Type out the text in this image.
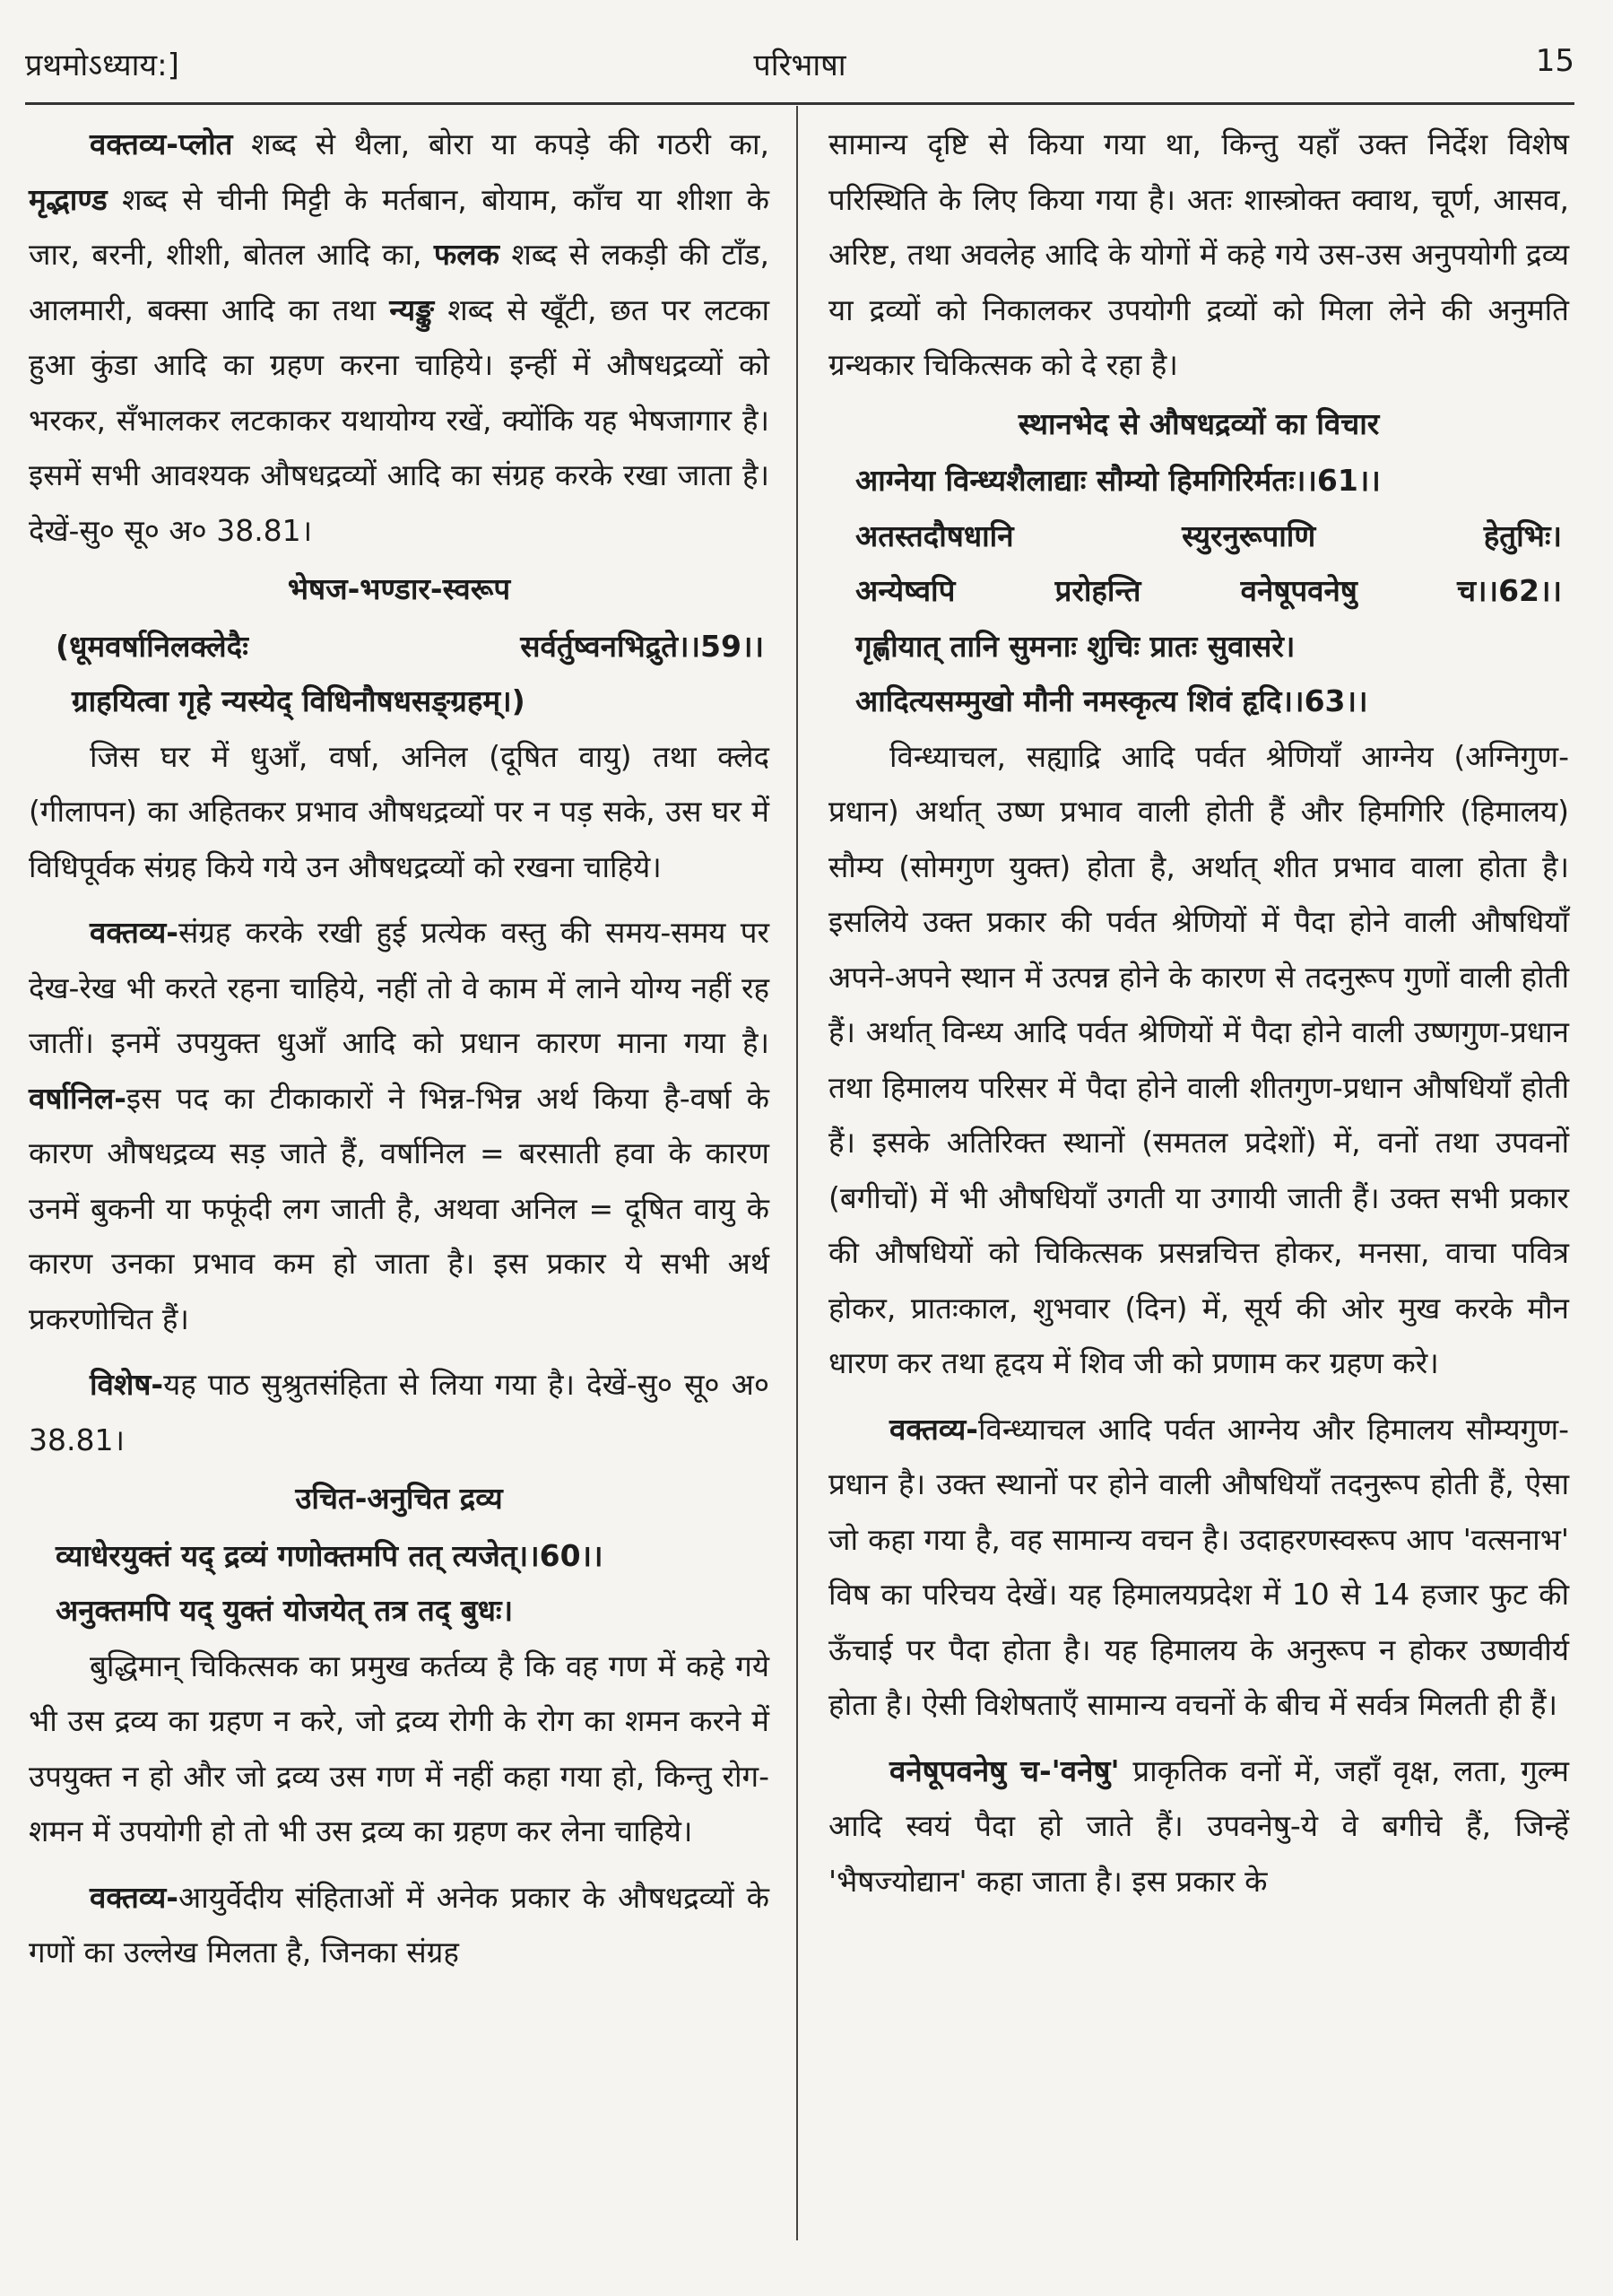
प्रथमोऽध्याय:]	परिभाषा	15

वक्तव्य-प्लोत शब्द से थैला, बोरा या कपड़े की गठरी का, मृद्भाण्ड शब्द से चीनी मिट्टी के मर्तबान, बोयाम, काँच या शीशा के जार, बरनी, शीशी, बोतल आदि का, फलक शब्द से लकड़ी की टाँड, आलमारी, बक्सा आदि का तथा न्यङ्कु शब्द से खूँटी, छत पर लटका हुआ कुंडा आदि का ग्रहण करना चाहिये। इन्हीं में औषधद्रव्यों को भरकर, सँभालकर लटकाकर यथायोग्य रखें, क्योंकि यह भेषजागार है। इसमें सभी आवश्यक औषधद्रव्यों आदि का संग्रह करके रखा जाता है। देखें-सु० सू० अ० 38.81।

भेषज-भण्डार-स्वरूप
(धूमवर्षानिलक्लेदैः	सर्वर्तुष्वनभिद्रुते।।59।।
ग्राहयित्वा गृहे न्यस्येद् विधिनौषधसङ्ग्रहम्।)

जिस घर में धुआँ, वर्षा, अनिल (दूषित वायु) तथा क्लेद (गीलापन) का अहितकर प्रभाव औषधद्रव्यों पर न पड़ सके, उस घर में विधिपूर्वक संग्रह किये गये उन औषधद्रव्यों को रखना चाहिये।

वक्तव्य-संग्रह करके रखी हुई प्रत्येक वस्तु की समय-समय पर देख-रेख भी करते रहना चाहिये, नहीं तो वे काम में लाने योग्य नहीं रह जातीं। इनमें उपयुक्त धुआँ आदि को प्रधान कारण माना गया है। वर्षानिल-इस पद का टीकाकारों ने भिन्न-भिन्न अर्थ किया है-वर्षा के कारण औषधद्रव्य सड़ जाते हैं, वर्षानिल = बरसाती हवा के कारण उनमें बुकनी या फफूंदी लग जाती है, अथवा अनिल = दूषित वायु के कारण उनका प्रभाव कम हो जाता है। इस प्रकार ये सभी अर्थ प्रकरणोचित हैं।

विशेष-यह पाठ सुश्रुतसंहिता से लिया गया है। देखें-सु० सू० अ० 38.81।

उचित-अनुचित द्रव्य
व्याधेरयुक्तं यद् द्रव्यं गणोक्तमपि तत् त्यजेत्।।60।।
अनुक्तमपि यद् युक्तं योजयेत् तत्र तद् बुधः।

बुद्धिमान् चिकित्सक का प्रमुख कर्तव्य है कि वह गण में कहे गये भी उस द्रव्य का ग्रहण न करे, जो द्रव्य रोगी के रोग का शमन करने में उपयुक्त न हो और जो द्रव्य उस गण में नहीं कहा गया हो, किन्तु रोग-शमन में उपयोगी हो तो भी उस द्रव्य का ग्रहण कर लेना चाहिये।

वक्तव्य-आयुर्वेदीय संहिताओं में अनेक प्रकार के औषधद्रव्यों के गणों का उल्लेख मिलता है, जिनका संग्रह

सामान्य दृष्टि से किया गया था, किन्तु यहाँ उक्त निर्देश विशेष परिस्थिति के लिए किया गया है। अतः शास्त्रोक्त क्वाथ, चूर्ण, आसव, अरिष्ट, तथा अवलेह आदि के योगों में कहे गये उस-उस अनुपयोगी द्रव्य या द्रव्यों को निकालकर उपयोगी द्रव्यों को मिला लेने की अनुमति ग्रन्थकार चिकित्सक को दे रहा है।

स्थानभेद से औषधद्रव्यों का विचार
आग्नेया विन्ध्यशैलाद्याः सौम्यो हिमगिरिर्मतः।।61।।
अतस्तदौषधानि	स्युरनुरूपाणि	हेतुभिः।
अन्येष्वपि	प्ररोहन्ति	वनेषूपवनेषु	च।।62।।
गृह्णीयात् तानि सुमनाः शुचिः प्रातः सुवासरे।
आदित्यसम्मुखो मौनी नमस्कृत्य शिवं हृदि।।63।।

विन्ध्याचल, सह्याद्रि आदि पर्वत श्रेणियाँ आग्नेय (अग्निगुण-प्रधान) अर्थात् उष्ण प्रभाव वाली होती हैं और हिमगिरि (हिमालय) सौम्य (सोमगुण युक्त) होता है, अर्थात् शीत प्रभाव वाला होता है। इसलिये उक्त प्रकार की पर्वत श्रेणियों में पैदा होने वाली औषधियाँ अपने-अपने स्थान में उत्पन्न होने के कारण से तदनुरूप गुणों वाली होती हैं। अर्थात् विन्ध्य आदि पर्वत श्रेणियों में पैदा होने वाली उष्णगुण-प्रधान तथा हिमालय परिसर में पैदा होने वाली शीतगुण-प्रधान औषधियाँ होती हैं। इसके अतिरिक्त स्थानों (समतल प्रदेशों) में, वनों तथा उपवनों (बगीचों) में भी औषधियाँ उगती या उगायी जाती हैं। उक्त सभी प्रकार की औषधियों को चिकित्सक प्रसन्नचित्त होकर, मनसा, वाचा पवित्र होकर, प्रातःकाल, शुभवार (दिन) में, सूर्य की ओर मुख करके मौन धारण कर तथा हृदय में शिव जी को प्रणाम कर ग्रहण करे।

वक्तव्य-विन्ध्याचल आदि पर्वत आग्नेय और हिमालय सौम्यगुण-प्रधान है। उक्त स्थानों पर होने वाली औषधियाँ तदनुरूप होती हैं, ऐसा जो कहा गया है, वह सामान्य वचन है। उदाहरणस्वरूप आप 'वत्सनाभ' विष का परिचय देखें। यह हिमालयप्रदेश में 10 से 14 हजार फुट की ऊँचाई पर पैदा होता है। यह हिमालय के अनुरूप न होकर उष्णवीर्य होता है। ऐसी विशेषताएँ सामान्य वचनों के बीच में सर्वत्र मिलती ही हैं।

वनेषूपवनेषु च-'वनेषु' प्राकृतिक वनों में, जहाँ वृक्ष, लता, गुल्म आदि स्वयं पैदा हो जाते हैं। उपवनेषु-ये वे बगीचे हैं, जिन्हें 'भैषज्योद्यान' कहा जाता है। इस प्रकार के
